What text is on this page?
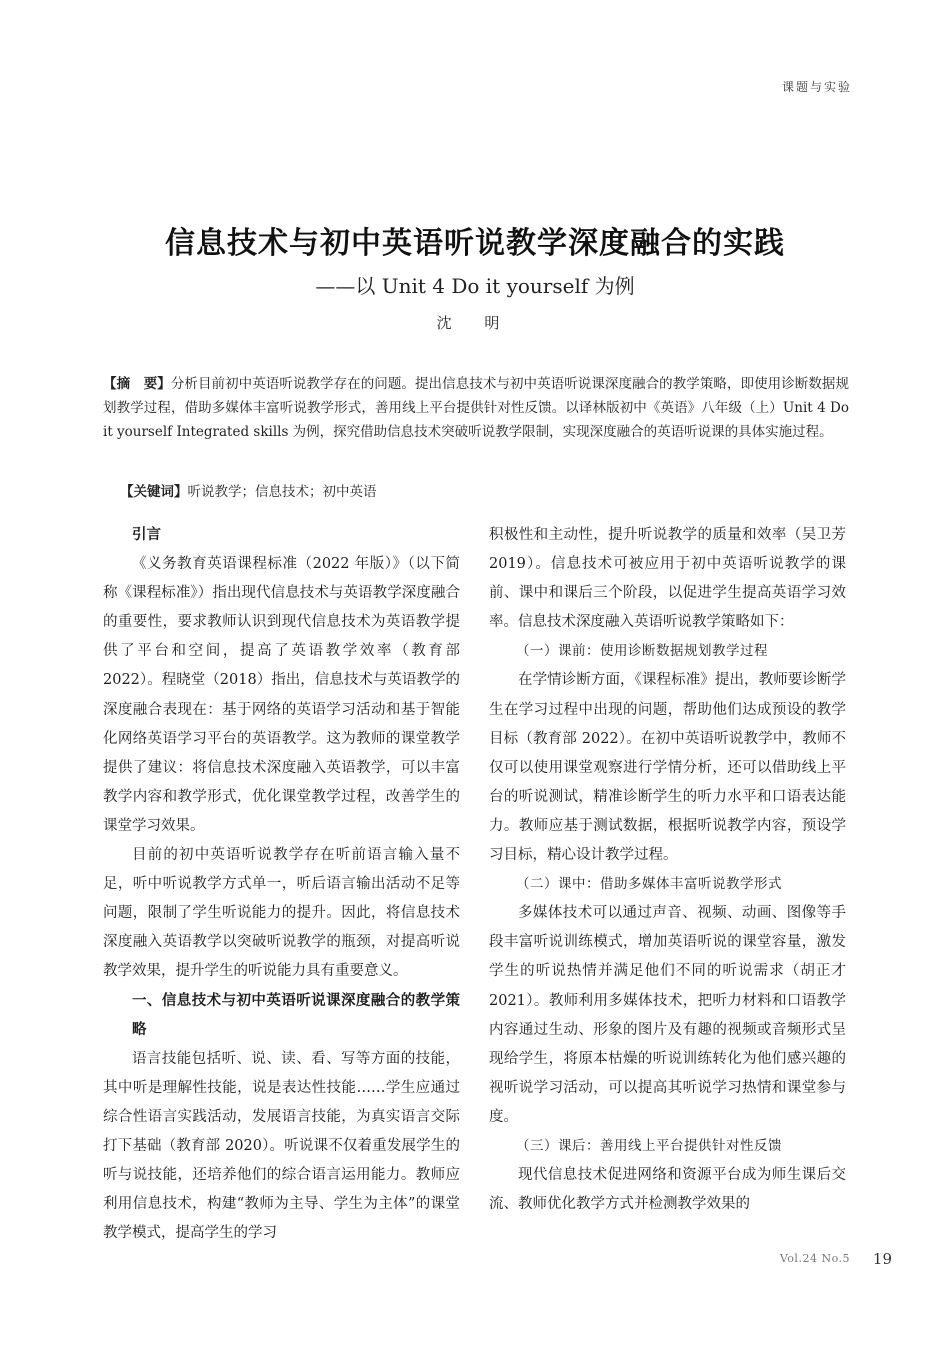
课题与实验
信息技术与初中英语听说教学深度融合的实践
——以 Unit 4 Do it yourself 为例
沈 明
【摘　要】分析目前初中英语听说教学存在的问题。提出信息技术与初中英语听说课深度融合的教学策略，即使用诊断数据规划教学过程，借助多媒体丰富听说教学形式，善用线上平台提供针对性反馈。以译林版初中《英语》八年级（上）Unit 4 Do it yourself Integrated skills 为例，探究借助信息技术突破听说教学限制，实现深度融合的英语听说课的具体实施过程。
【关键词】听说教学；信息技术；初中英语

引言

《义务教育英语课程标准（2022 年版）》（以下简称《课程标准》）指出现代信息技术与英语教学深度融合的重要性，要求教师认识到现代信息技术为英语教学提供了平台和空间，提高了英语教学效率（教育部 2022）。程晓堂（2018）指出，信息技术与英语教学的深度融合表现在：基于网络的英语学习活动和基于智能化网络英语学习平台的英语教学。这为教师的课堂教学提供了建议：将信息技术深度融入英语教学，可以丰富教学内容和教学形式，优化课堂教学过程，改善学生的课堂学习效果。

目前的初中英语听说教学存在听前语言输入量不足，听中听说教学方式单一，听后语言输出活动不足等问题，限制了学生听说能力的提升。因此，将信息技术深度融入英语教学以突破听说教学的瓶颈，对提高听说教学效果，提升学生的听说能力具有重要意义。

一、信息技术与初中英语听说课深度融合的教学策略

语言技能包括听、说、读、看、写等方面的技能，其中听是理解性技能，说是表达性技能……学生应通过综合性语言实践活动，发展语言技能，为真实语言交际打下基础（教育部 2020）。听说课不仅着重发展学生的听与说技能，还培养他们的综合语言运用能力。教师应利用信息技术，构建“教师为主导、学生为主体”的课堂教学模式，提高学生的学习

积极性和主动性，提升听说教学的质量和效率（吴卫芳 2019）。信息技术可被应用于初中英语听说教学的课前、课中和课后三个阶段，以促进学生提高英语学习效率。信息技术深度融入英语听说教学策略如下：

（一）课前：使用诊断数据规划教学过程

在学情诊断方面，《课程标准》提出，教师要诊断学生在学习过程中出现的问题，帮助他们达成预设的教学目标（教育部 2022）。在初中英语听说教学中，教师不仅可以使用课堂观察进行学情分析，还可以借助线上平台的听说测试，精准诊断学生的听力水平和口语表达能力。教师应基于测试数据，根据听说教学内容，预设学习目标，精心设计教学过程。

（二）课中：借助多媒体丰富听说教学形式

多媒体技术可以通过声音、视频、动画、图像等手段丰富听说训练模式，增加英语听说的课堂容量，激发学生的听说热情并满足他们不同的听说需求（胡正才 2021）。教师利用多媒体技术，把听力材料和口语教学内容通过生动、形象的图片及有趣的视频或音频形式呈现给学生，将原本枯燥的听说训练转化为他们感兴趣的视听说学习活动，可以提高其听说学习热情和课堂参与度。

（三）课后：善用线上平台提供针对性反馈

现代信息技术促进网络和资源平台成为师生课后交流、教师优化教学方式并检测教学效果的

Vol.24 No.5 19
